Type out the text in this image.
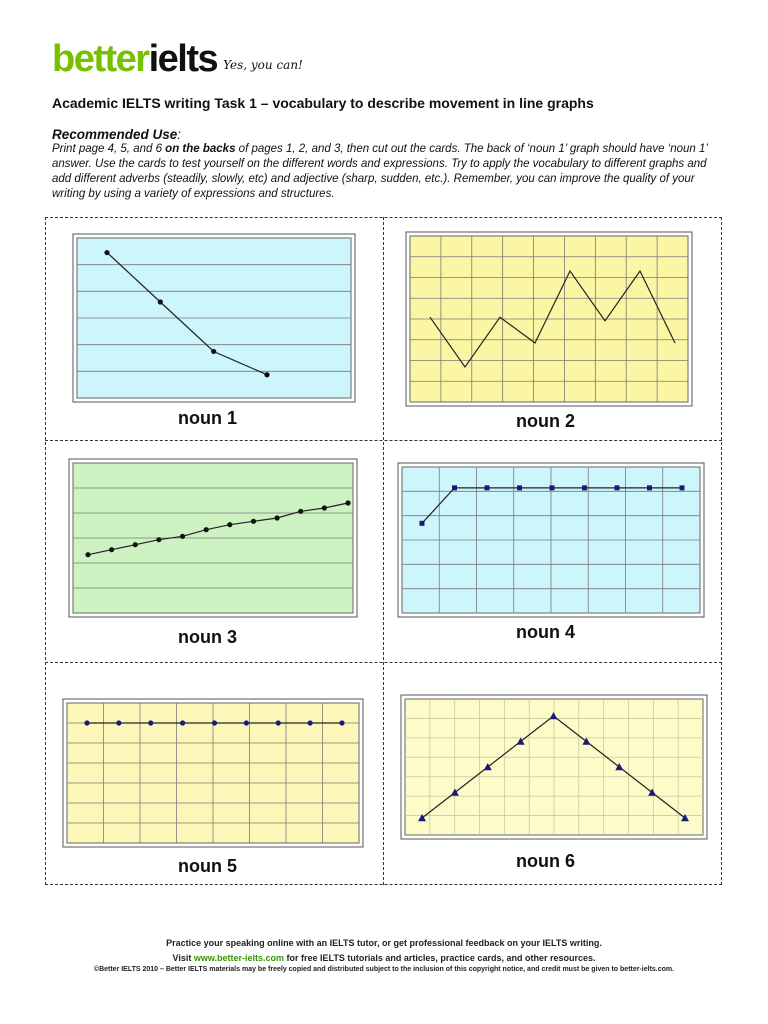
betterielts Yes, you can!
Academic IELTS writing Task 1 – vocabulary to describe movement in line graphs
Recommended Use:
Print page 4, 5, and 6 on the backs of pages 1, 2, and 3, then cut out the cards. The back of ‘noun 1’ graph should have ‘noun 1’ answer. Use the cards to test yourself on the different words and expressions. Try to apply the vocabulary to different graphs and add different adverbs (steadily, slowly, etc) and adjective (sharp, sudden, etc.). Remember, you can improve the quality of your writing by using a variety of expressions and structures.
noun 1	noun 2
noun 3	noun 4
noun 5	noun 6
Practice your speaking online with an IELTS tutor, or get professional feedback on your IELTS writing.
Visit www.better-ielts.com for free IELTS tutorials and articles, practice cards, and other resources.
©Better IELTS 2010 – Better IELTS materials may be freely copied and distributed subject to the inclusion of this copyright notice, and credit must be given to better-ielts.com.
